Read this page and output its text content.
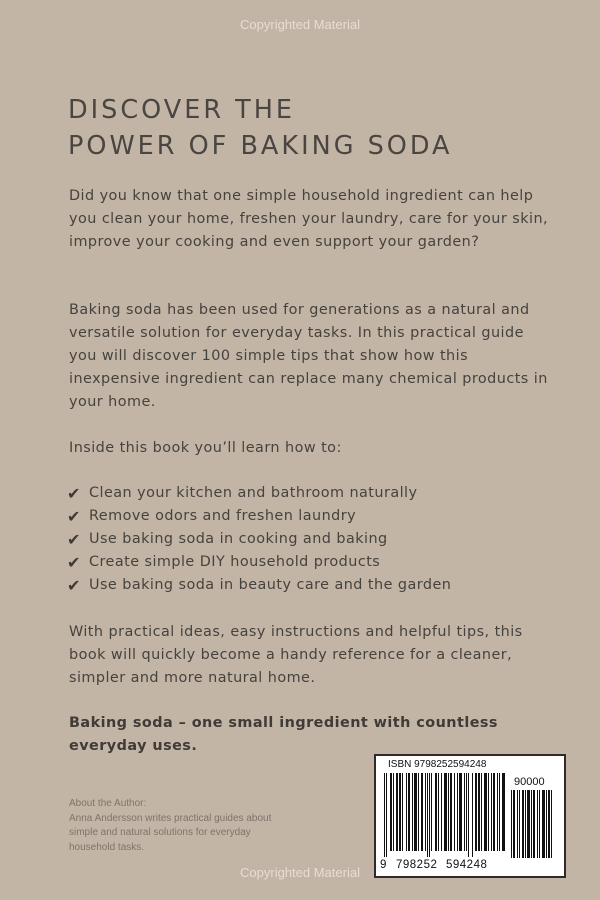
Copyrighted Material
DISCOVER THE
POWER OF BAKING SODA

Did you know that one simple household ingredient can help you clean your home, freshen your laundry, care for your skin, improve your cooking and even support your garden?

Baking soda has been used for generations as a natural and versatile solution for everyday tasks. In this practical guide you will discover 100 simple tips that show how this inexpensive ingredient can replace many chemical products in your home.

Inside this book you’ll learn how to:

✔ Clean your kitchen and bathroom naturally
✔ Remove odors and freshen laundry
✔ Use baking soda in cooking and baking
✔ Create simple DIY household products
✔ Use baking soda in beauty care and the garden

With practical ideas, easy instructions and helpful tips, this book will quickly become a handy reference for a cleaner, simpler and more natural home.

Baking soda – one small ingredient with countless everyday uses.

About the Author:
Anna Andersson writes practical guides about
simple and natural solutions for everyday
household tasks.
ISBN 9798252594248
90000
9 798252 594248
Copyrighted Material
